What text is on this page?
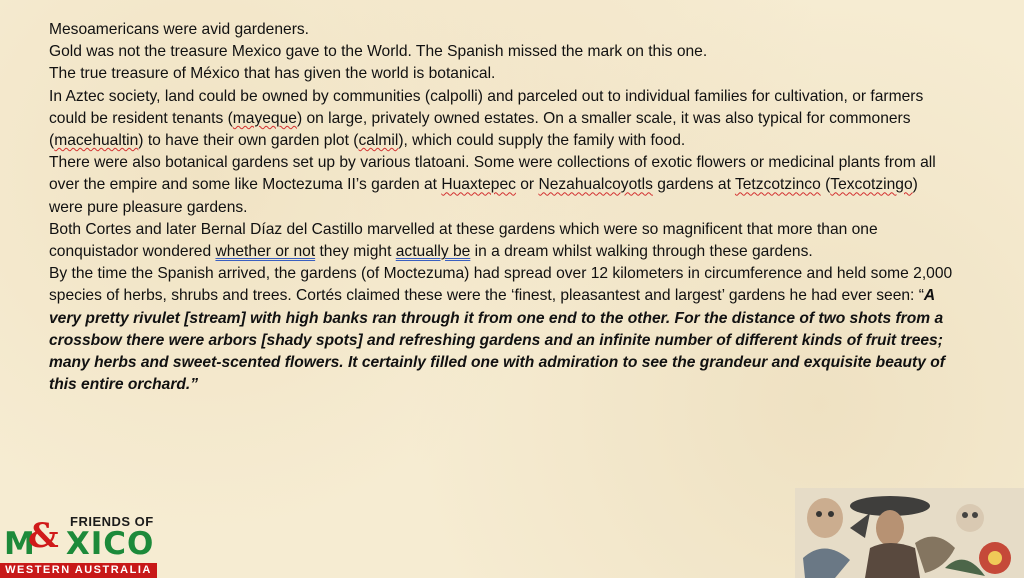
Mesoamericans were avid gardeners.

Gold was not the treasure Mexico gave to the World. The Spanish missed the mark on this one.

The true treasure of México that has given the world is botanical.

In Aztec society, land could be owned by communities (calpolli) and parceled out to individual families for cultivation, or farmers could be resident tenants (mayeque) on large, privately owned estates. On a smaller scale, it was also typical for commoners (macehualtin) to have their own garden plot (calmil), which could supply the family with food.

There were also botanical gardens set up by various tlatoani. Some were collections of exotic flowers or medicinal plants from all over the empire and some like Moctezuma II’s garden at Huaxtepec or Nezahualcoyotls gardens at Tetzcotzinco (Texcotzingo) were pure pleasure gardens.

Both Cortes and later Bernal Díaz del Castillo marvelled at these gardens which were so magnificent that more than one conquistador wondered whether or not they might actually be in a dream whilst walking through these gardens.

By the time the Spanish arrived, the gardens (of Moctezuma) had spread over 12 kilometers in circumference and held some 2,000 species of herbs, shrubs and trees. Cortés claimed these were the ‘finest, pleasantest and largest’ gardens he had ever seen: “A very pretty rivulet [stream] with high banks ran through it from one end to the other. For the distance of two shots from a crossbow there were arbors [shady spots] and refreshing gardens and an infinite number of different kinds of fruit trees; many herbs and sweet-scented flowers. It certainly filled one with admiration to see the grandeur and exquisite beauty of this entire orchard.”

FRIENDS OF
M XICO
&
WESTERN AUSTRALIA
